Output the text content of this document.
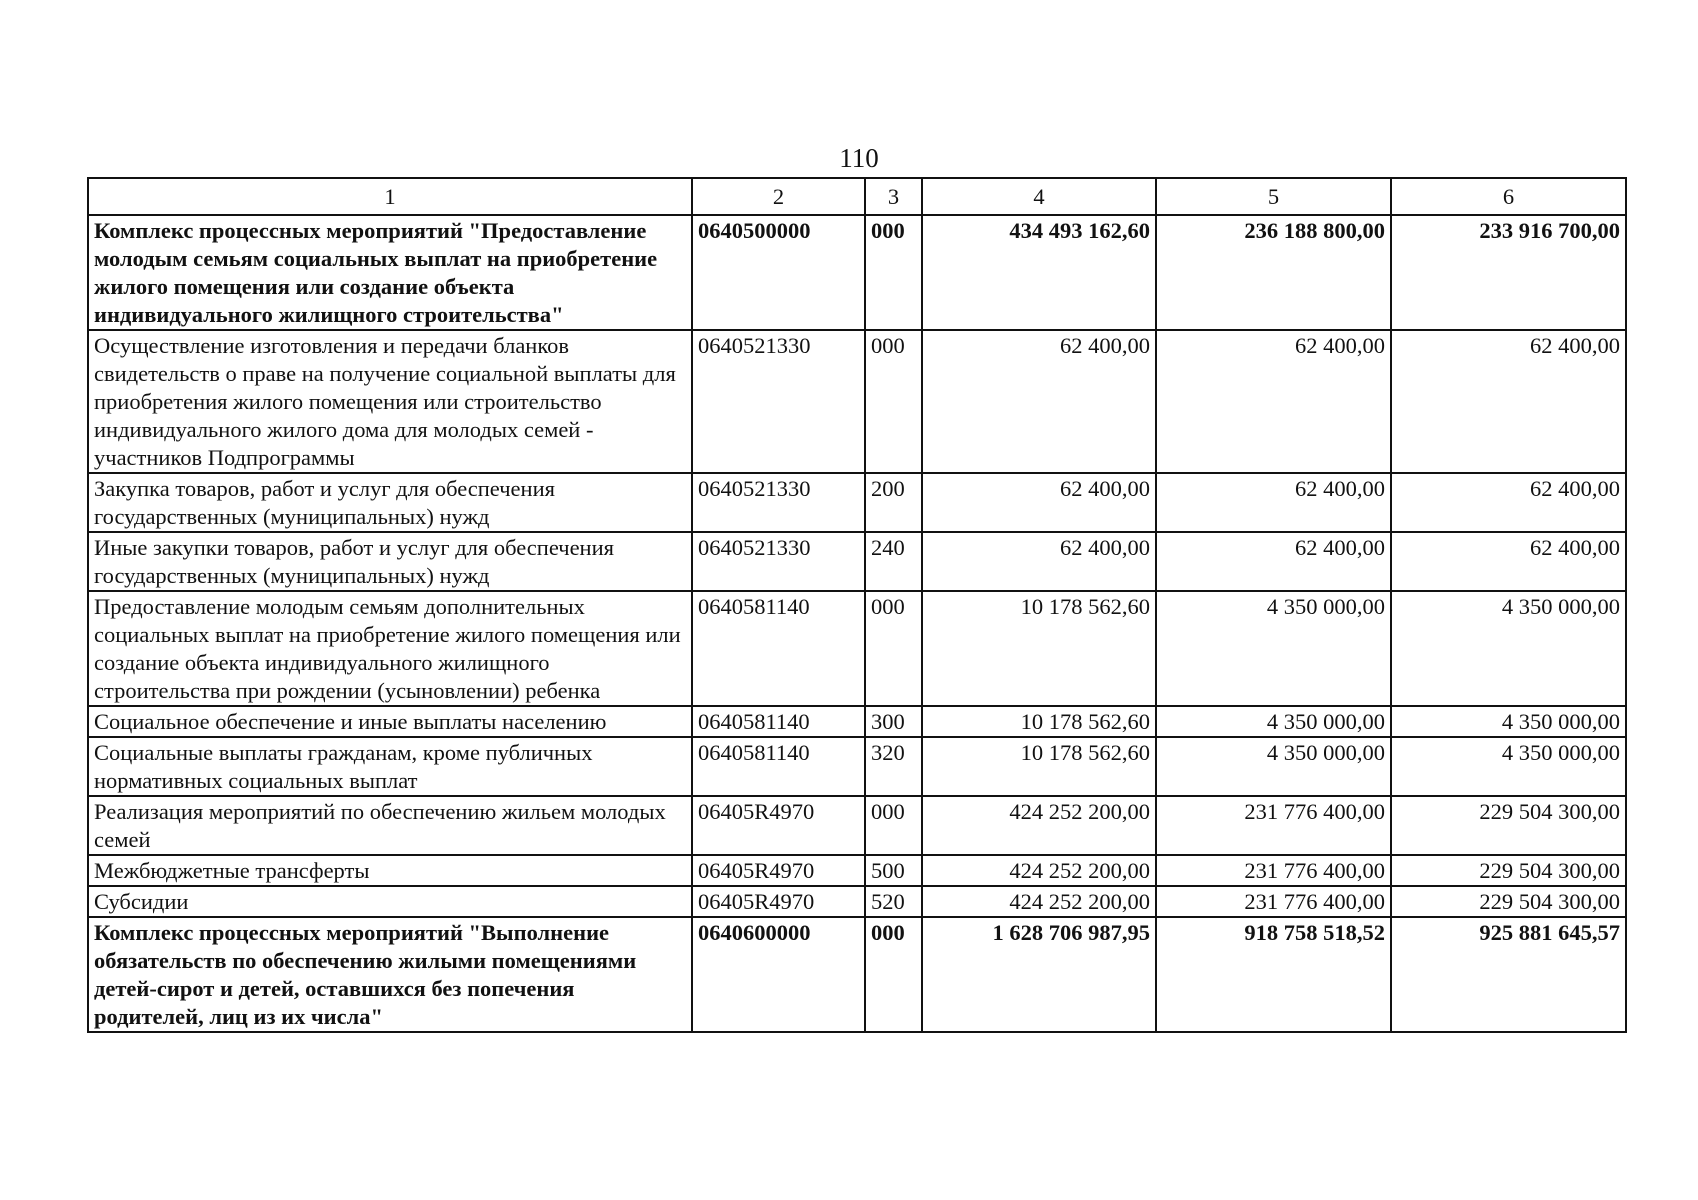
110
1	2	3	4	5	6
Комплекс процессных мероприятий "Предоставление молодым семьям социальных выплат на приобретение жилого помещения или создание объекта индивидуального жилищного строительства"	0640500000	000	434 493 162,60	236 188 800,00	233 916 700,00
Осуществление изготовления и передачи бланков свидетельств о праве на получение социальной выплаты для приобретения жилого помещения или строительство индивидуального жилого дома для молодых семей - участников Подпрограммы	0640521330	000	62 400,00	62 400,00	62 400,00
Закупка товаров, работ и услуг для обеспечения государственных (муниципальных) нужд	0640521330	200	62 400,00	62 400,00	62 400,00
Иные закупки товаров, работ и услуг для обеспечения государственных (муниципальных) нужд	0640521330	240	62 400,00	62 400,00	62 400,00
Предоставление молодым семьям дополнительных социальных выплат на приобретение жилого помещения или создание объекта индивидуального жилищного строительства при рождении (усыновлении) ребенка	0640581140	000	10 178 562,60	4 350 000,00	4 350 000,00
Социальное обеспечение и иные выплаты населению	0640581140	300	10 178 562,60	4 350 000,00	4 350 000,00
Социальные выплаты гражданам, кроме публичных нормативных социальных выплат	0640581140	320	10 178 562,60	4 350 000,00	4 350 000,00
Реализация мероприятий по обеспечению жильем молодых семей	06405R4970	000	424 252 200,00	231 776 400,00	229 504 300,00
Межбюджетные трансферты	06405R4970	500	424 252 200,00	231 776 400,00	229 504 300,00
Субсидии	06405R4970	520	424 252 200,00	231 776 400,00	229 504 300,00
Комплекс процессных мероприятий "Выполнение обязательств по обеспечению жилыми помещениями детей-сирот и детей, оставшихся без попечения родителей, лиц из их числа"	0640600000	000	1 628 706 987,95	918 758 518,52	925 881 645,57
